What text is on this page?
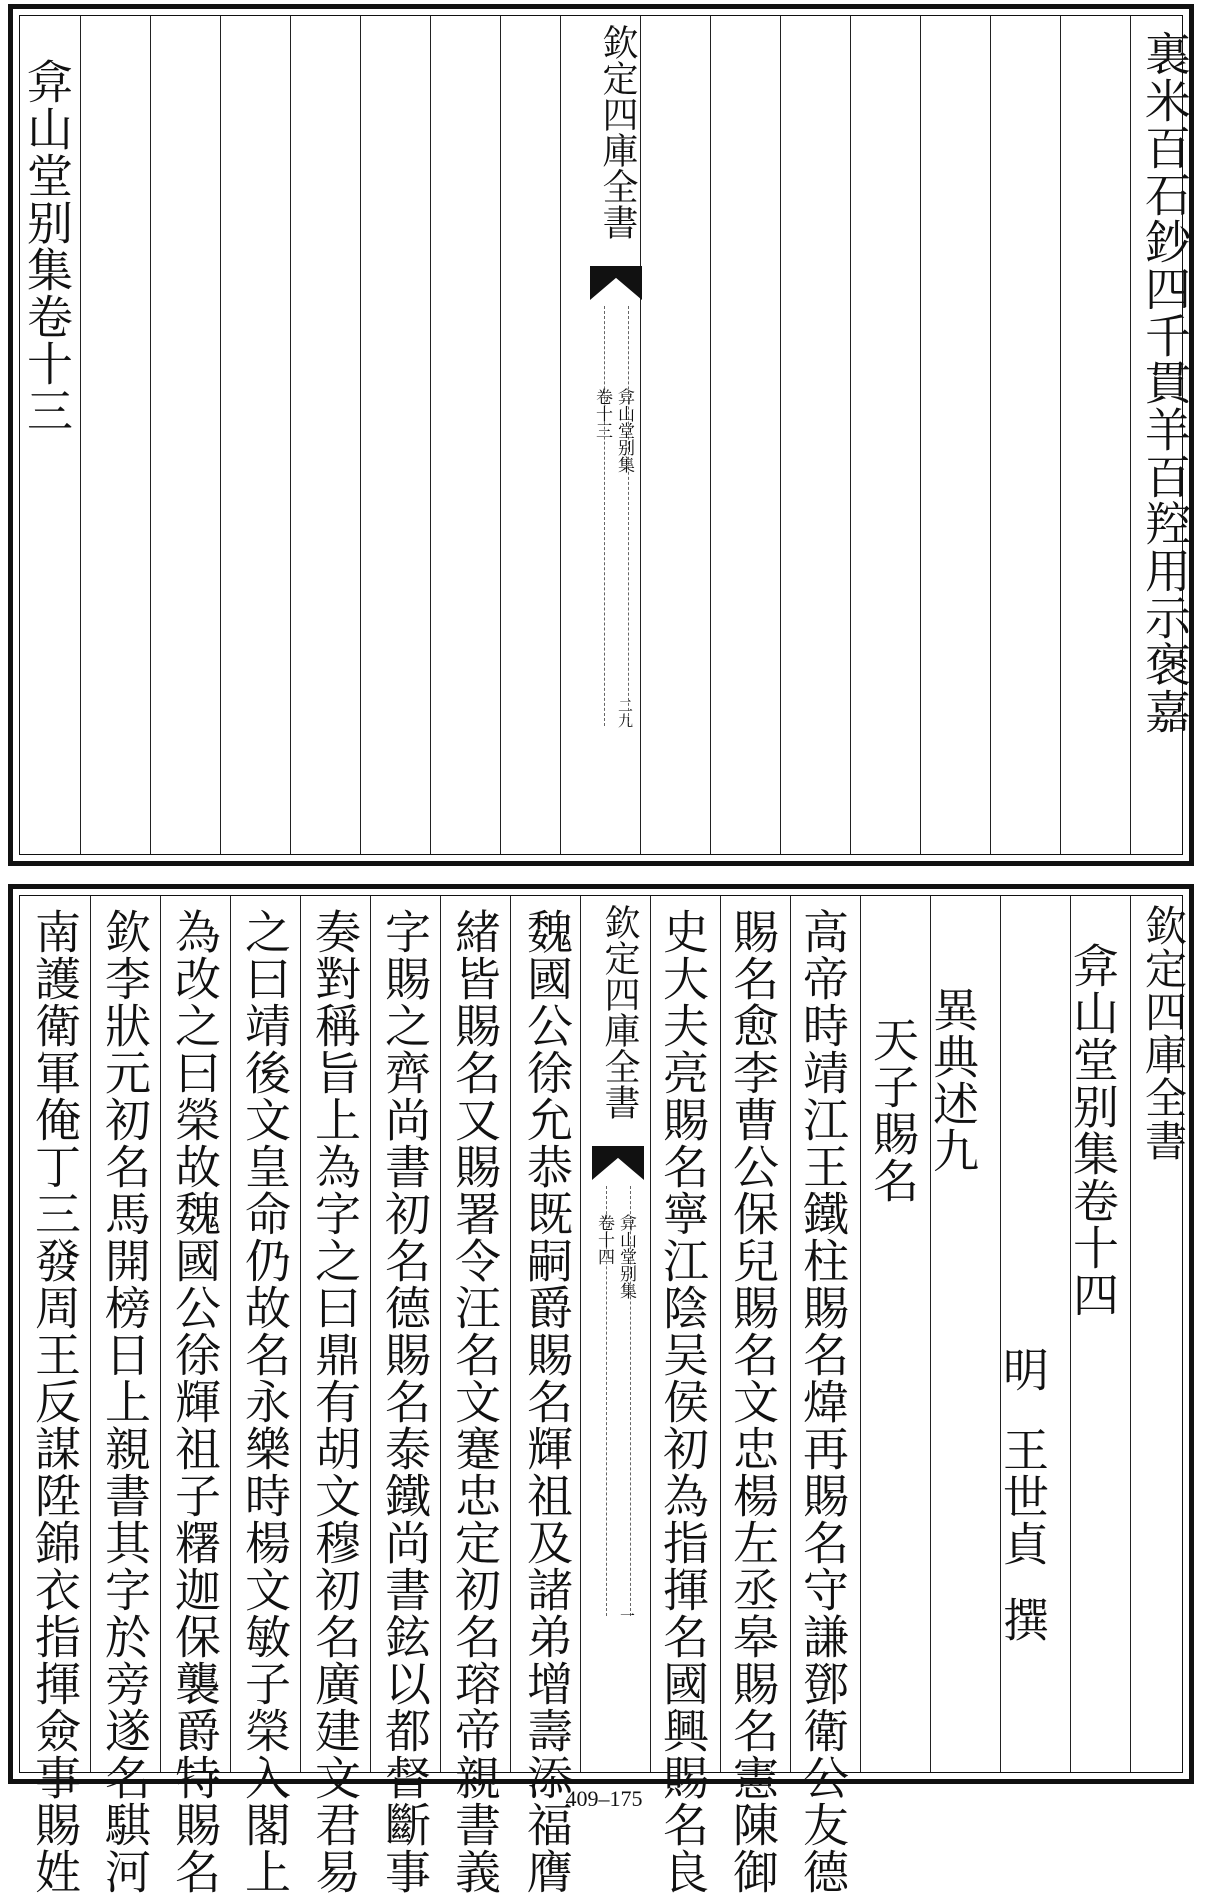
裏米百石鈔四千貫羊百羫用示褒嘉
欽定四庫全書
弇山堂别集
卷十三
二九
弇山堂别集卷十三
欽定四庫全書
弇山堂别集卷十四
明
王世貞
撰
異典述九
天子賜名
高帝時靖江王鐵柱賜名煒再賜名守謙鄧衛公友德
賜名愈李曹公保兒賜名文忠楊左丞皋賜名憲陳御
史大夫亮賜名寧江陰吴侯初為指揮名國興賜名良
欽定四庫全書
弇山堂别集
卷十四
一
魏國公徐允恭既嗣爵賜名輝祖及諸弟增壽添福膺
緒皆賜名又賜署令汪名文蹇忠定初名瑢帝親書義
字賜之齊尚書初名德賜名泰鐵尚書鉉以都督斷事
奏對稱旨上為字之曰鼎有胡文穆初名廣建文君易
之曰靖後文皇命仍故名永樂時楊文敏子榮入閣上
為改之曰榮故魏國公徐輝祖子糬迦保襲爵特賜名
欽李狀元初名馬開榜日上親書其字於旁遂名騏河
南護衛軍俺丁三發周王反謀陞錦衣指揮僉事賜姓	409–175
